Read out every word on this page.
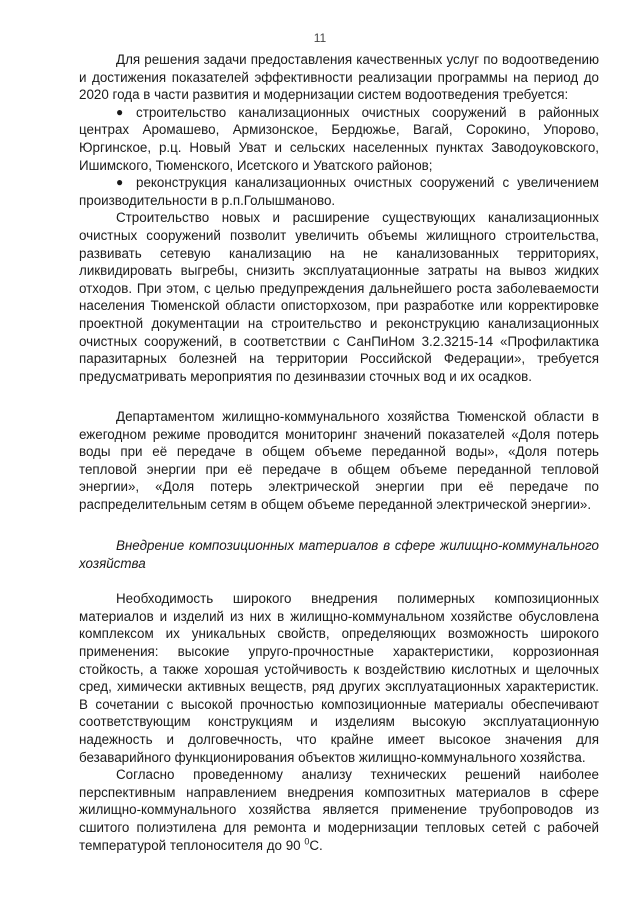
11

Для решения задачи предоставления качественных услуг по водоотведению и достижения показателей эффективности реализации программы на период до 2020 года в части развития и модернизации систем водоотведения требуется:

● строительство канализационных очистных сооружений в районных центрах Аромашево, Армизонское, Бердюжье, Вагай, Сорокино, Упорово, Юргинское, р.ц. Новый Уват и сельских населенных пунктах Заводоуковского, Ишимского, Тюменского, Исетского и Уватского районов;
● реконструкция канализационных очистных сооружений с увеличением производительности в р.п.Голышманово.

Строительство новых и расширение существующих канализационных очистных сооружений позволит увеличить объемы жилищного строительства, развивать сетевую канализацию на не канализованных территориях, ликвидировать выгребы, снизить эксплуатационные затраты на вывоз жидких отходов. При этом, с целью предупреждения дальнейшего роста заболеваемости населения Тюменской области описторхозом, при разработке или корректировке проектной документации на строительство и реконструкцию канализационных очистных сооружений, в соответствии с СанПиНом 3.2.3215-14 «Профилактика паразитарных болезней на территории Российской Федерации», требуется предусматривать мероприятия по дезинвазии сточных вод и их осадков.

Департаментом жилищно-коммунального хозяйства Тюменской области в ежегодном режиме проводится мониторинг значений показателей «Доля потерь воды при её передаче в общем объеме переданной воды», «Доля потерь тепловой энергии при её передаче в общем объеме переданной тепловой энергии», «Доля потерь электрической энергии при её передаче по распределительным сетям в общем объеме переданной электрической энергии».

Внедрение композиционных материалов в сфере жилищно-коммунального хозяйства

Необходимость широкого внедрения полимерных композиционных материалов и изделий из них в жилищно-коммунальном хозяйстве обусловлена комплексом их уникальных свойств, определяющих возможность широкого применения: высокие упруго-прочностные характеристики, коррозионная стойкость, а также хорошая устойчивость к воздействию кислотных и щелочных сред, химически активных веществ, ряд других эксплуатационных характеристик. В сочетании с высокой прочностью композиционные материалы обеспечивают соответствующим конструкциям и изделиям высокую эксплуатационную надежность и долговечность, что крайне имеет высокое значения для безаварийного функционирования объектов жилищно-коммунального хозяйства.

Согласно проведенному анализу технических решений наиболее перспективным направлением внедрения композитных материалов в сфере жилищно-коммунального хозяйства является применение трубопроводов из сшитого полиэтилена для ремонта и модернизации тепловых сетей с рабочей температурой теплоносителя до 90 $^0$С.
